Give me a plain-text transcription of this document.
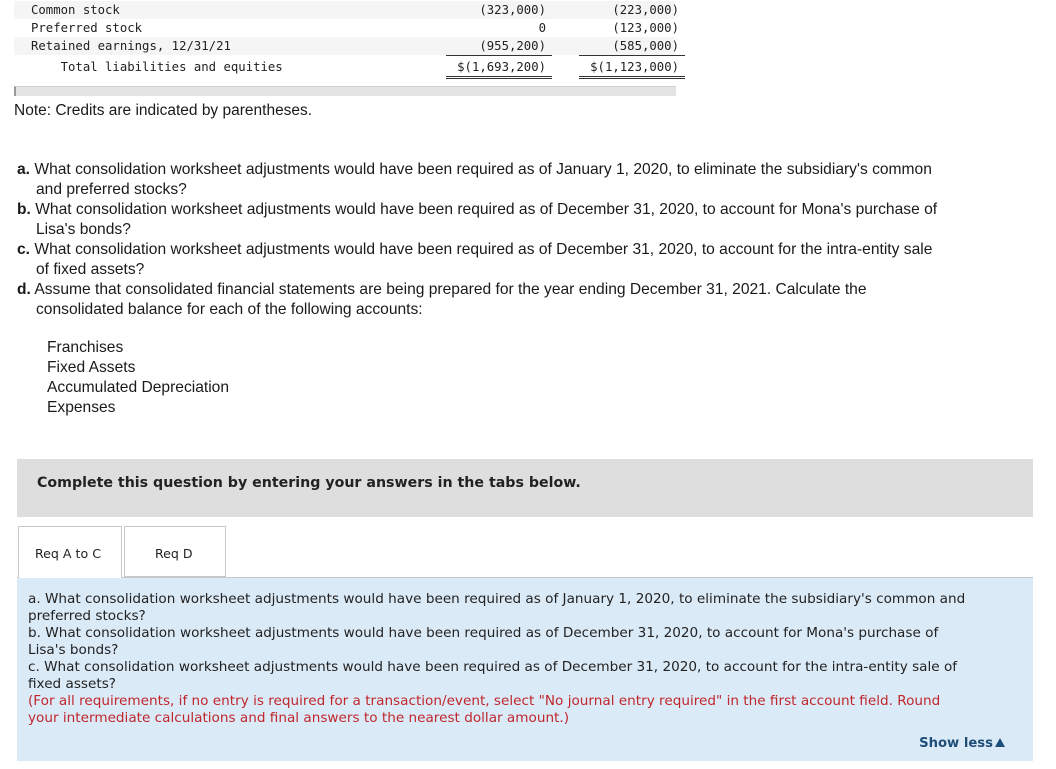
Common stock	(323,000)	(223,000)
Preferred stock	0	(123,000)
Retained earnings, 12/31/21	(955,200)	(585,000)
Total liabilities and equities	$(1,693,200)	$(1,123,000)
Note: Credits are indicated by parentheses.
a. What consolidation worksheet adjustments would have been required as of January 1, 2020, to eliminate the subsidiary's common
and preferred stocks?
b. What consolidation worksheet adjustments would have been required as of December 31, 2020, to account for Mona's purchase of
Lisa's bonds?
c. What consolidation worksheet adjustments would have been required as of December 31, 2020, to account for the intra-entity sale
of fixed assets?
d. Assume that consolidated financial statements are being prepared for the year ending December 31, 2021. Calculate the
consolidated balance for each of the following accounts:
Franchises
Fixed Assets
Accumulated Depreciation
Expenses
Complete this question by entering your answers in the tabs below.
Req A to C	Req D
a. What consolidation worksheet adjustments would have been required as of January 1, 2020, to eliminate the subsidiary's common and
preferred stocks?
b. What consolidation worksheet adjustments would have been required as of December 31, 2020, to account for Mona's purchase of
Lisa's bonds?
c. What consolidation worksheet adjustments would have been required as of December 31, 2020, to account for the intra-entity sale of
fixed assets?
(For all requirements, if no entry is required for a transaction/event, select "No journal entry required" in the first account field. Round
your intermediate calculations and final answers to the nearest dollar amount.)
Show less
